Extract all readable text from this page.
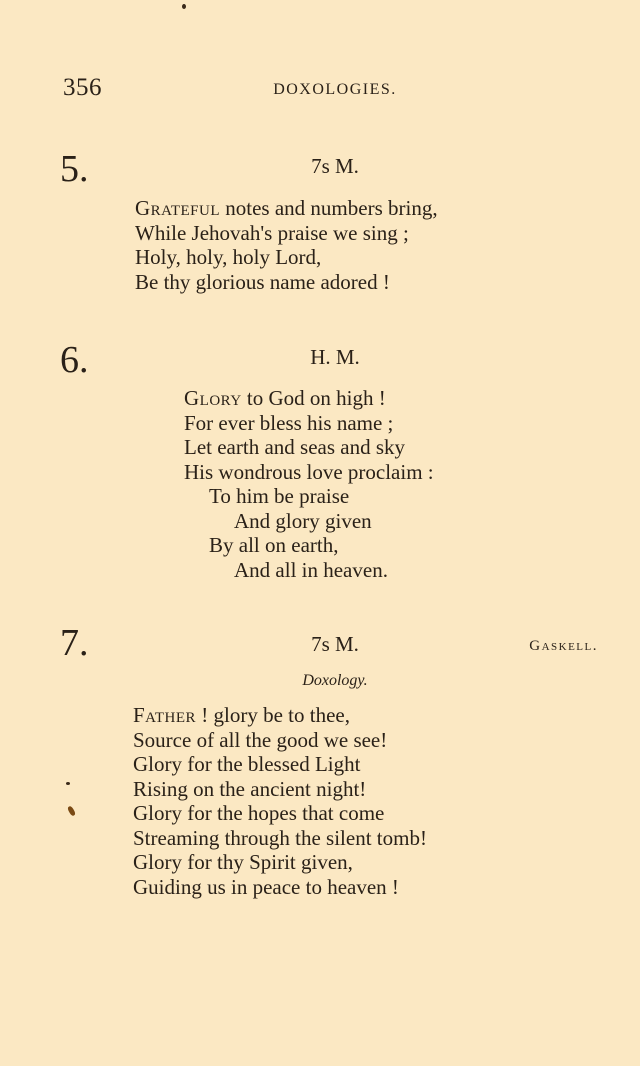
356	DOXOLOGIES.
5.	7s M.
Grateful notes and numbers bring,
While Jehovah's praise we sing ;
Holy, holy, holy Lord,
Be thy glorious name adored !
6.	H. M.
Glory to God on high !
For ever bless his name ;
Let earth and seas and sky
His wondrous love proclaim :
To him be praise
And glory given
By all on earth,
And all in heaven.
7.	7s M.	Gaskell.
Doxology.
Father ! glory be to thee,
Source of all the good we see!
Glory for the blessed Light
Rising on the ancient night!
Glory for the hopes that come
Streaming through the silent tomb!
Glory for thy Spirit given,
Guiding us in peace to heaven !
